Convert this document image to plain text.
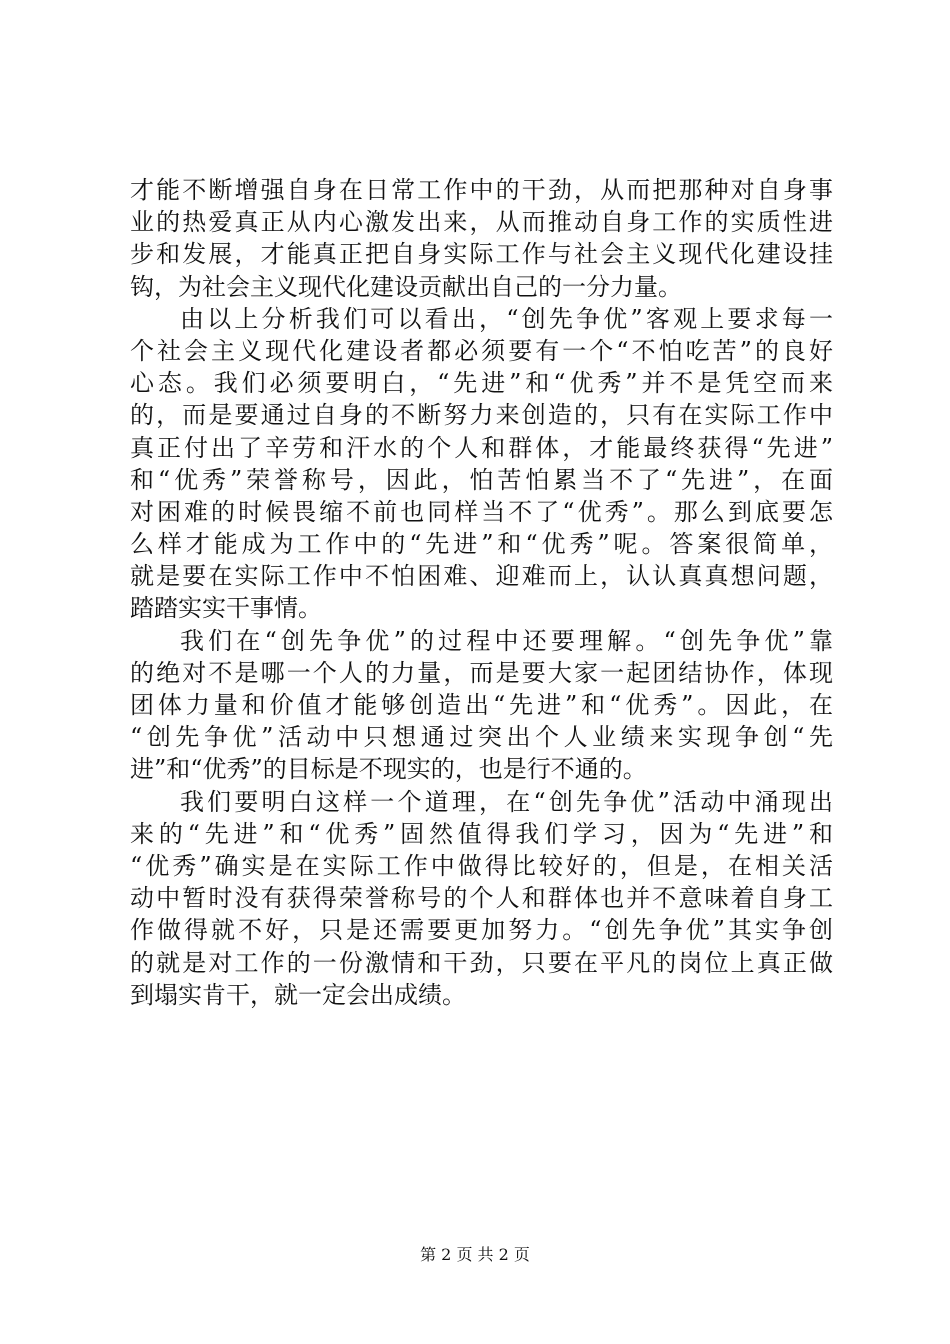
才能不断增强自身在日常工作中的干劲，从而把那种对自身事
业的热爱真正从内心激发出来，从而推动自身工作的实质性进
步和发展，才能真正把自身实际工作与社会主义现代化建设挂
钩，为社会主义现代化建设贡献出自己的一分力量。
由以上分析我们可以看出，“创先争优”客观上要求每一
个社会主义现代化建设者都必须要有一个“不怕吃苦”的良好
心态。我们必须要明白，“先进”和“优秀”并不是凭空而来
的，而是要通过自身的不断努力来创造的，只有在实际工作中
真正付出了辛劳和汗水的个人和群体，才能最终获得“先进”
和“优秀”荣誉称号，因此，怕苦怕累当不了“先进”，在面
对困难的时候畏缩不前也同样当不了“优秀”。那么到底要怎
么样才能成为工作中的“先进”和“优秀”呢。答案很简单，
就是要在实际工作中不怕困难、迎难而上，认认真真想问题，
踏踏实实干事情。
我们在“创先争优”的过程中还要理解。“创先争优”靠
的绝对不是哪一个人的力量，而是要大家一起团结协作，体现
团体力量和价值才能够创造出“先进”和“优秀”。因此，在
“创先争优”活动中只想通过突出个人业绩来实现争创“先
进”和“优秀”的目标是不现实的，也是行不通的。
我们要明白这样一个道理，在“创先争优”活动中涌现出
来的“先进”和“优秀”固然值得我们学习，因为“先进”和
“优秀”确实是在实际工作中做得比较好的，但是，在相关活
动中暂时没有获得荣誉称号的个人和群体也并不意味着自身工
作做得就不好，只是还需要更加努力。“创先争优”其实争创
的就是对工作的一份激情和干劲，只要在平凡的岗位上真正做
到塌实肯干，就一定会出成绩。
第 2 页 共 2 页
